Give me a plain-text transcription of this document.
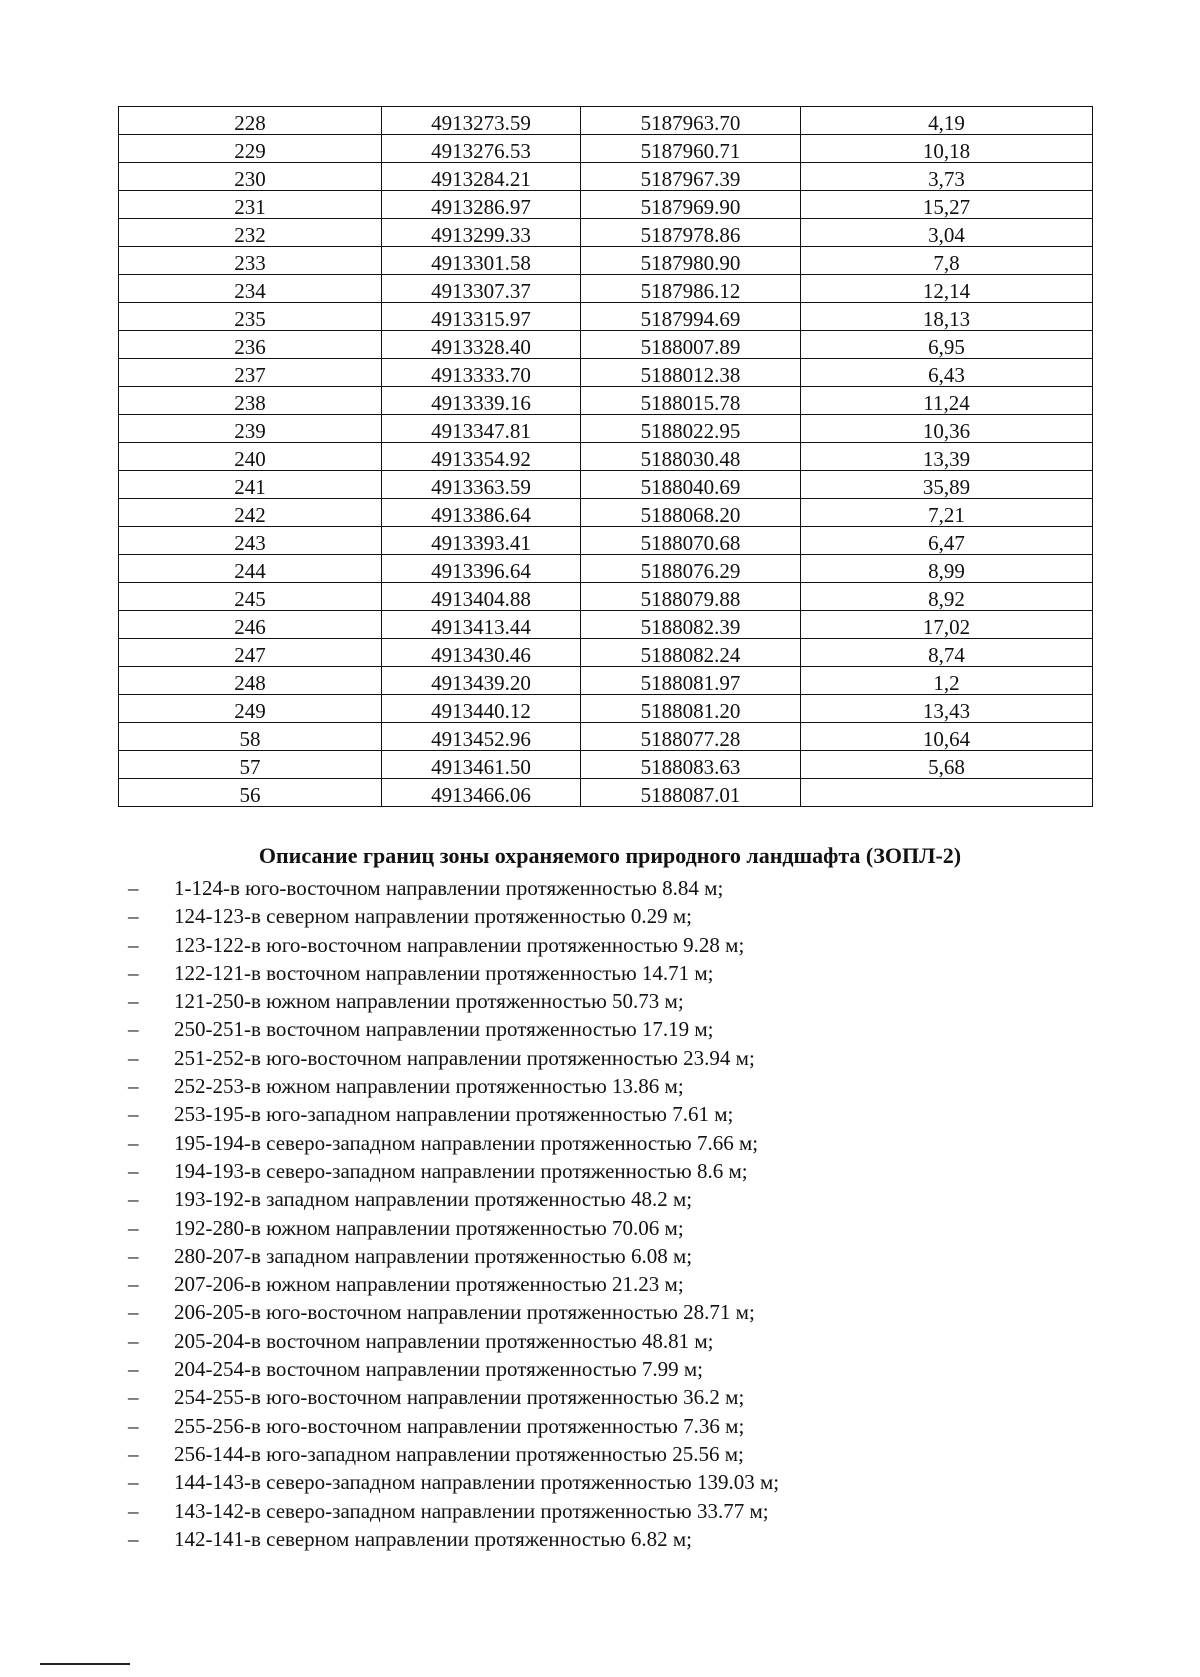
228	4913273.59	5187963.70	4,19
229	4913276.53	5187960.71	10,18
230	4913284.21	5187967.39	3,73
231	4913286.97	5187969.90	15,27
232	4913299.33	5187978.86	3,04
233	4913301.58	5187980.90	7,8
234	4913307.37	5187986.12	12,14
235	4913315.97	5187994.69	18,13
236	4913328.40	5188007.89	6,95
237	4913333.70	5188012.38	6,43
238	4913339.16	5188015.78	11,24
239	4913347.81	5188022.95	10,36
240	4913354.92	5188030.48	13,39
241	4913363.59	5188040.69	35,89
242	4913386.64	5188068.20	7,21
243	4913393.41	5188070.68	6,47
244	4913396.64	5188076.29	8,99
245	4913404.88	5188079.88	8,92
246	4913413.44	5188082.39	17,02
247	4913430.46	5188082.24	8,74
248	4913439.20	5188081.97	1,2
249	4913440.12	5188081.20	13,43
58	4913452.96	5188077.28	10,64
57	4913461.50	5188083.63	5,68
56	4913466.06	5188087.01	
Описание границ зоны охраняемого природного ландшафта (ЗОПЛ-2)
– 1-124-в юго-восточном направлении протяженностью 8.84 м;
– 124-123-в северном направлении протяженностью 0.29 м;
– 123-122-в юго-восточном направлении протяженностью 9.28 м;
– 122-121-в восточном направлении протяженностью 14.71 м;
– 121-250-в южном направлении протяженностью 50.73 м;
– 250-251-в восточном направлении протяженностью 17.19 м;
– 251-252-в юго-восточном направлении протяженностью 23.94 м;
– 252-253-в южном направлении протяженностью 13.86 м;
– 253-195-в юго-западном направлении протяженностью 7.61 м;
– 195-194-в северо-западном направлении протяженностью 7.66 м;
– 194-193-в северо-западном направлении протяженностью 8.6 м;
– 193-192-в западном направлении протяженностью 48.2 м;
– 192-280-в южном направлении протяженностью 70.06 м;
– 280-207-в западном направлении протяженностью 6.08 м;
– 207-206-в южном направлении протяженностью 21.23 м;
– 206-205-в юго-восточном направлении протяженностью 28.71 м;
– 205-204-в восточном направлении протяженностью 48.81 м;
– 204-254-в восточном направлении протяженностью 7.99 м;
– 254-255-в юго-восточном направлении протяженностью 36.2 м;
– 255-256-в юго-восточном направлении протяженностью 7.36 м;
– 256-144-в юго-западном направлении протяженностью 25.56 м;
– 144-143-в северо-западном направлении протяженностью 139.03 м;
– 143-142-в северо-западном направлении протяженностью 33.77 м;
– 142-141-в северном направлении протяженностью 6.82 м;
